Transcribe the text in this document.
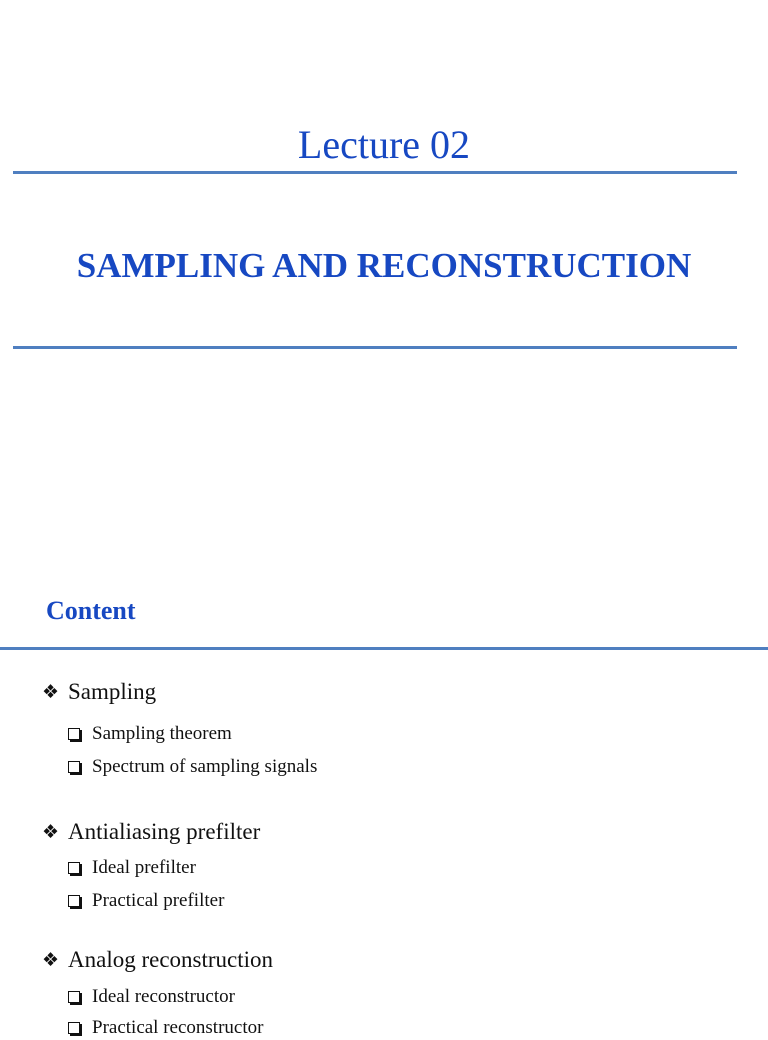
Lecture 02
SAMPLING AND RECONSTRUCTION
Content
❖ Sampling
Sampling theorem
Spectrum of sampling signals
❖ Antialiasing prefilter
Ideal prefilter
Practical prefilter
❖ Analog reconstruction
Ideal reconstructor
Practical reconstructor
